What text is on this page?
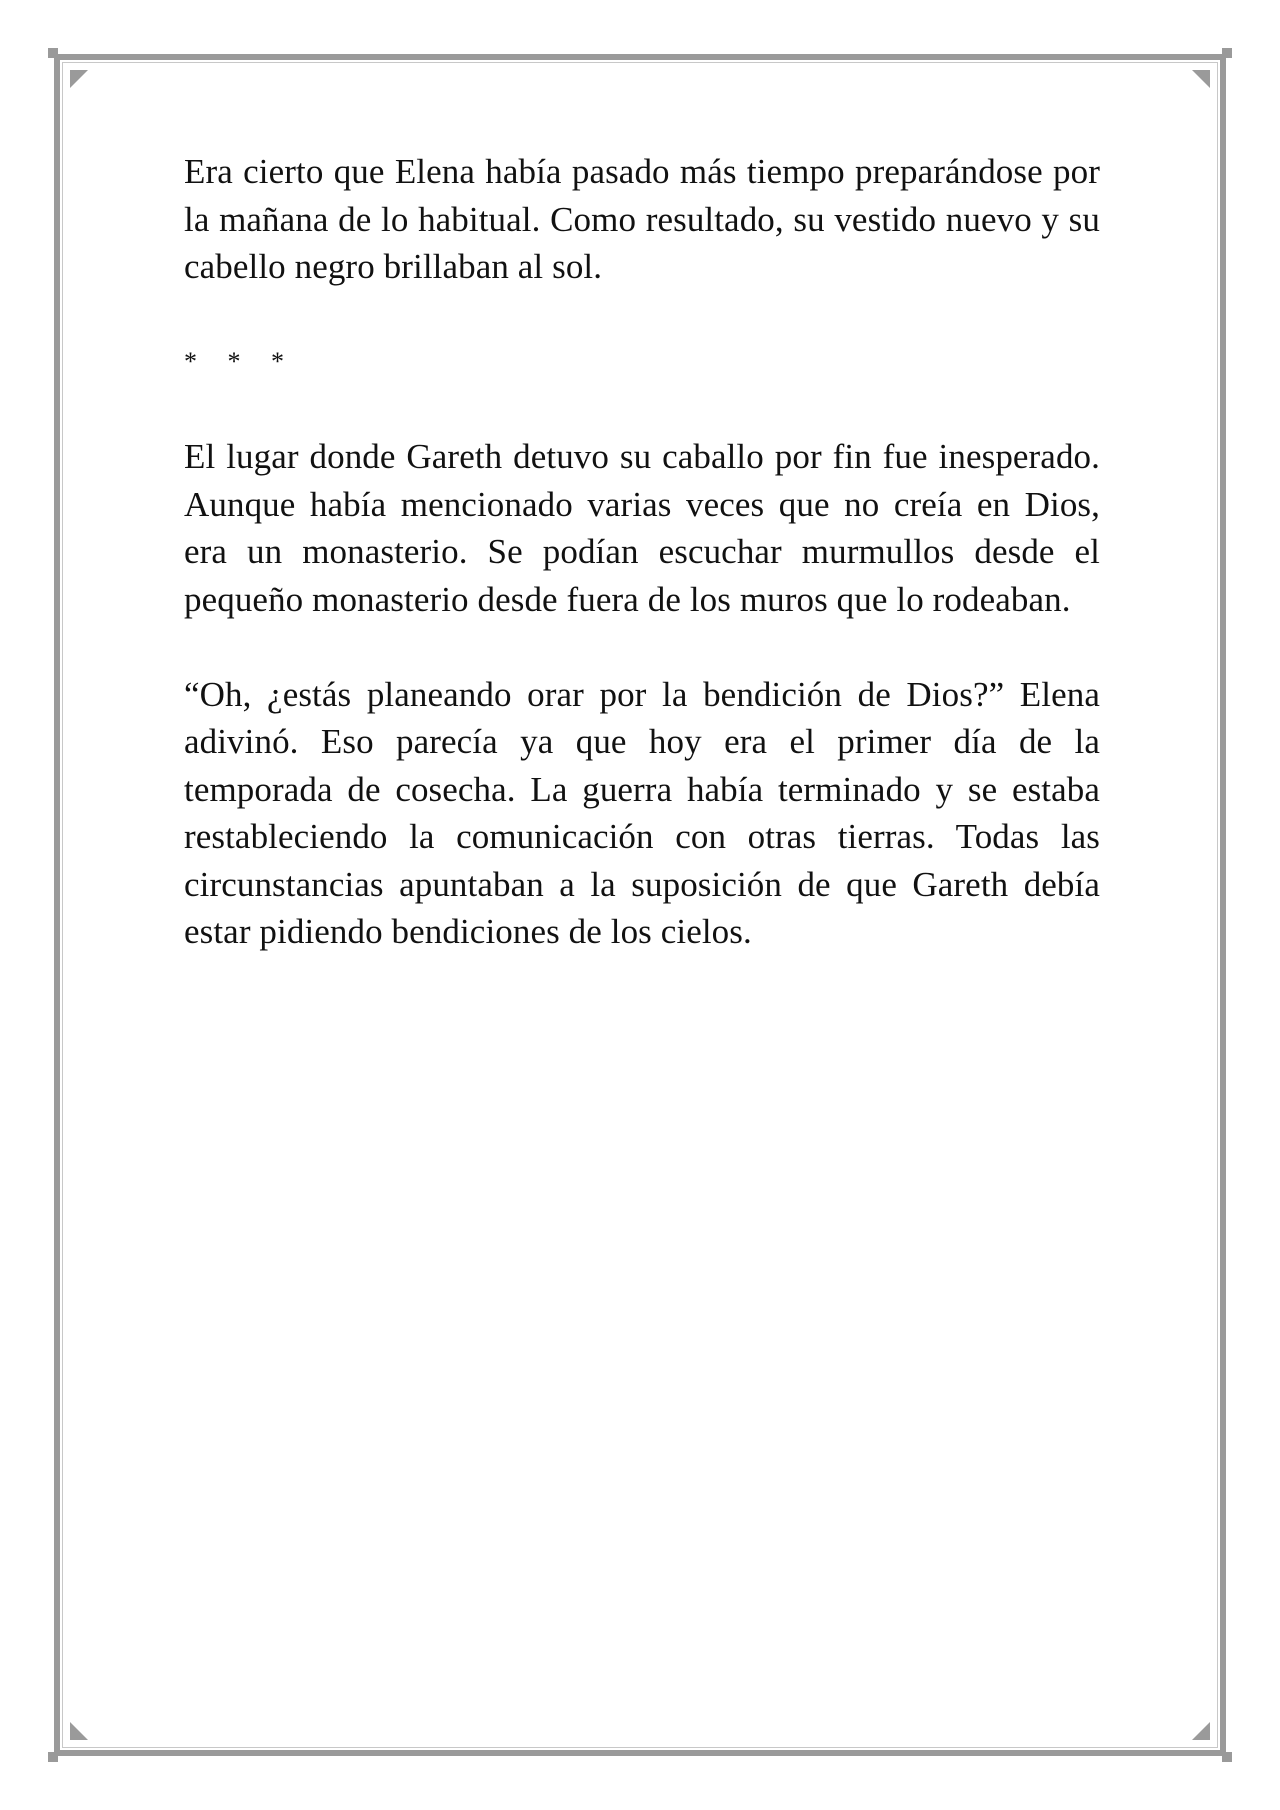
Era cierto que Elena había pasado más tiempo preparándose por la mañana de lo habitual. Como resultado, su vestido nuevo y su cabello negro brillaban al sol.

* * *

El lugar donde Gareth detuvo su caballo por fin fue inesperado. Aunque había mencionado varias veces que no creía en Dios, era un monasterio. Se podían escuchar murmullos desde el pequeño monasterio desde fuera de los muros que lo rodeaban.

“Oh, ¿estás planeando orar por la bendición de Dios?” Elena adivinó. Eso parecía ya que hoy era el primer día de la temporada de cosecha. La guerra había terminado y se estaba restableciendo la comunicación con otras tierras. Todas las circunstancias apuntaban a la suposición de que Gareth debía estar pidiendo bendiciones de los cielos.
